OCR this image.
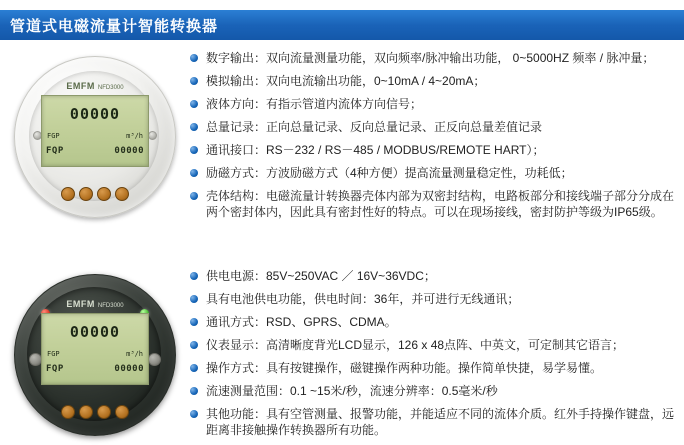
管道式电磁流量计智能转换器
EMFM NFD3000
00000
FGP	m³/h
FQP	00000
数字输出：双向流量测量功能，双向频率/脉冲输出功能， 0~5000HZ 频率 / 脉冲量；
模拟输出：双向电流输出功能，0~10mA / 4~20mA；
液体方向：有指示管道内流体方向信号；
总量记录：正向总量记录、反向总量记录、正反向总量差值记录
通讯接口：RS－232 / RS－485 / MODBUS/REMOTE HART）；
励磁方式：方波励磁方式（4种方便）提高流量测量稳定性，功耗低；
壳体结构：电磁流量计转换器壳体内部为双密封结构，电路板部分和接线端子部分分成在两个密封体内，因此具有密封性好的特点。可以在现场接线，密封防护等级为IP65级。
EMFM NFD3000
00000
FGP	m³/h
FQP	00000
供电电源：85V~250VAC ／ 16V~36VDC；
具有电池供电功能，供电时间：36年，并可进行无线通讯；
通讯方式：RSD、GPRS、CDMA。
仪表显示：高清晰度背光LCD显示，126 x 48点阵、中英文，可定制其它语言；
操作方式：具有按键操作，磁键操作两种功能。操作简单快捷，易学易懂。
流速测量范围：0.1 ~15米/秒，流速分辨率：0.5毫米/秒
其他功能：具有空管测量、报警功能，并能适应不同的流体介质。红外手持操作键盘，远距离非接触操作转换器所有功能。
